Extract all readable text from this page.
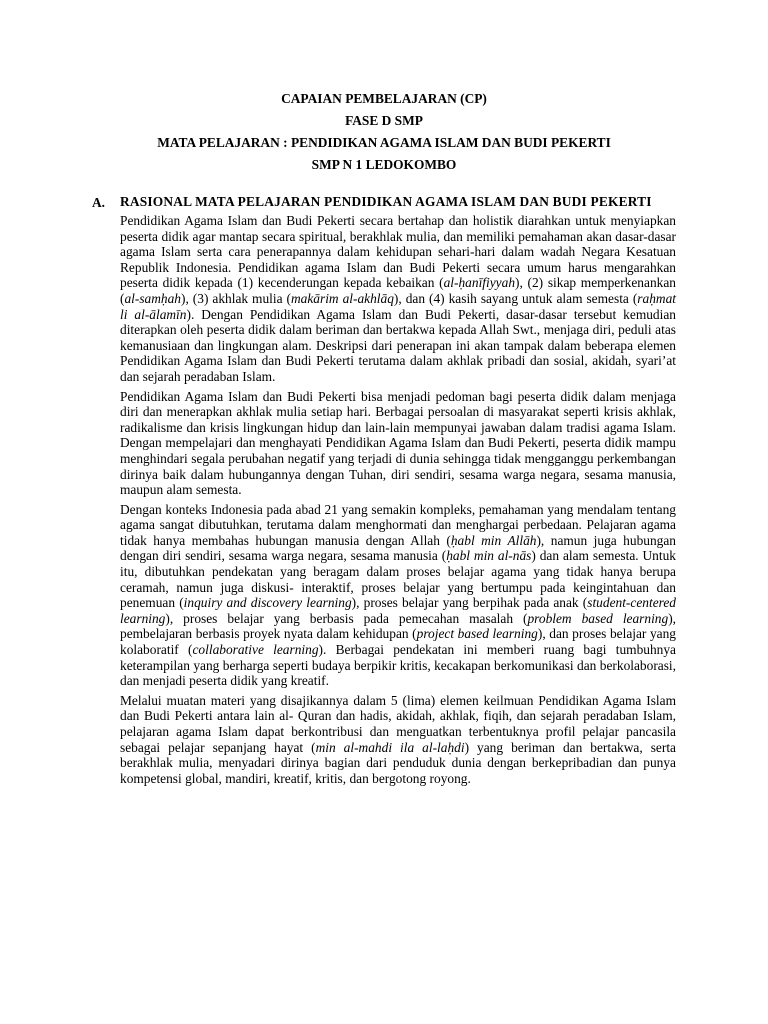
CAPAIAN PEMBELAJARAN (CP)
FASE D SMP
MATA PELAJARAN : PENDIDIKAN AGAMA ISLAM DAN BUDI PEKERTI
SMP N 1 LEDOKOMBO
A.	RASIONAL MATA PELAJARAN PENDIDIKAN AGAMA ISLAM DAN BUDI PEKERTI

Pendidikan Agama Islam dan Budi Pekerti secara bertahap dan holistik diarahkan untuk menyiapkan peserta didik agar mantap secara spiritual, berakhlak mulia, dan memiliki pemahaman akan dasar-dasar agama Islam serta cara penerapannya dalam kehidupan sehari-hari dalam wadah Negara Kesatuan Republik Indonesia. Pendidikan agama Islam dan Budi Pekerti secara umum harus mengarahkan peserta didik kepada (1) kecenderungan kepada kebaikan (al-ḥanīfiyyah), (2) sikap memperkenankan (al-samḥah), (3) akhlak mulia (makārim al-akhlāq), dan (4) kasih sayang untuk alam semesta (raḥmat li al-ālamīn). Dengan Pendidikan Agama Islam dan Budi Pekerti, dasar-dasar tersebut kemudian diterapkan oleh peserta didik dalam beriman dan bertakwa kepada Allah Swt., menjaga diri, peduli atas kemanusiaan dan lingkungan alam. Deskripsi dari penerapan ini akan tampak dalam beberapa elemen Pendidikan Agama Islam dan Budi Pekerti terutama dalam akhlak pribadi dan sosial, akidah, syari’at dan sejarah peradaban Islam.

Pendidikan Agama Islam dan Budi Pekerti bisa menjadi pedoman bagi peserta didik dalam menjaga diri dan menerapkan akhlak mulia setiap hari. Berbagai persoalan di masyarakat seperti krisis akhlak, radikalisme dan krisis lingkungan hidup dan lain-lain mempunyai jawaban dalam tradisi agama Islam. Dengan mempelajari dan menghayati Pendidikan Agama Islam dan Budi Pekerti, peserta didik mampu menghindari segala perubahan negatif yang terjadi di dunia sehingga tidak mengganggu perkembangan dirinya baik dalam hubungannya dengan Tuhan, diri sendiri, sesama warga negara, sesama manusia, maupun alam semesta.

Dengan konteks Indonesia pada abad 21 yang semakin kompleks, pemahaman yang mendalam tentang agama sangat dibutuhkan, terutama dalam menghormati dan menghargai perbedaan. Pelajaran agama tidak hanya membahas hubungan manusia dengan Allah (ḥabl min Allāh), namun juga hubungan dengan diri sendiri, sesama warga negara, sesama manusia (ḥabl min al-nās) dan alam semesta. Untuk itu, dibutuhkan pendekatan yang beragam dalam proses belajar agama yang tidak hanya berupa ceramah, namun juga diskusi- interaktif, proses belajar yang bertumpu pada keingintahuan dan penemuan (inquiry and discovery learning), proses belajar yang berpihak pada anak (student-centered learning), proses belajar yang berbasis pada pemecahan masalah (problem based learning), pembelajaran berbasis proyek nyata dalam kehidupan (project based learning), dan proses belajar yang kolaboratif (collaborative learning). Berbagai pendekatan ini memberi ruang bagi tumbuhnya keterampilan yang berharga seperti budaya berpikir kritis, kecakapan berkomunikasi dan berkolaborasi, dan menjadi peserta didik yang kreatif.

Melalui muatan materi yang disajikannya dalam 5 (lima) elemen keilmuan Pendidikan Agama Islam dan Budi Pekerti antara lain al- Quran dan hadis, akidah, akhlak, fiqih, dan sejarah peradaban Islam, pelajaran agama Islam dapat berkontribusi dan menguatkan terbentuknya profil pelajar pancasila sebagai pelajar sepanjang hayat (min al-mahdi ila al-laḥdi) yang beriman dan bertakwa, serta berakhlak mulia, menyadari dirinya bagian dari penduduk dunia dengan berkepribadian dan punya kompetensi global, mandiri, kreatif, kritis, dan bergotong royong.
